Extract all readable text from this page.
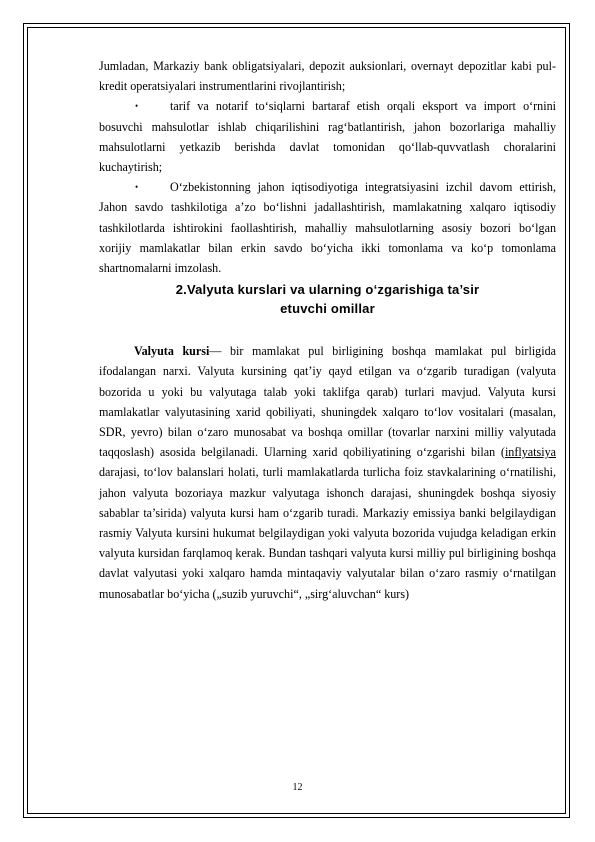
Jumladan, Markaziy bank obligatsiyalari, depozit auksionlari, overnayt depozitlar kabi pul-kredit operatsiyalari instrumentlarini rivojlantirish;

•	tarif va notarif to‘siqlarni bartaraf etish orqali eksport va import o‘rnini bosuvchi mahsulotlar ishlab chiqarilishini rag‘batlantirish, jahon bozorlariga mahalliy mahsulotlarni yetkazib berishda davlat tomonidan qo‘llab-quvvatlash choralarini kuchaytirish;

•	O‘zbekistonning jahon iqtisodiyotiga integratsiyasini izchil davom ettirish, Jahon savdo tashkilotiga a’zo bo‘lishni jadallashtirish, mamlakatning xalqaro iqtisodiy tashkilotlarda ishtirokini faollashtirish, mahalliy mahsulotlarning asosiy bozori bo‘lgan xorijiy mamlakatlar bilan erkin savdo bo‘yicha ikki tomonlama va ko‘p tomonlama shartnomalarni imzolash.

2.Valyuta kurslari va ularning o‘zgarishiga ta’sir etuvchi omillar

Valyuta kursi— bir mamlakat pul birligining boshqa mamlakat pul birligida ifodalangan narxi. Valyuta kursining qat’iy qayd etilgan va o‘zgarib turadigan (valyuta bozorida u yoki bu valyutaga talab yoki taklifga qarab) turlari mavjud. Valyuta kursi mamlakatlar valyutasining xarid qobiliyati, shuningdek xalqaro to‘lov vositalari (masalan, SDR, yevro) bilan o‘zaro munosabat va boshqa omillar (tovarlar narxini milliy valyutada taqqoslash) asosida belgilanadi. Ularning xarid qobiliyatining o‘zgarishi bilan (inflyatsiya darajasi, to‘lov balanslari holati, turli mamlakatlarda turlicha foiz stavkalarining o‘rnatilishi, jahon valyuta bozoriaya mazkur valyutaga ishonch darajasi, shuningdek boshqa siyosiy sabablar ta’sirida) valyuta kursi ham o‘zgarib turadi. Markaziy emissiya banki belgilaydigan rasmiy Valyuta kursini hukumat belgilaydigan yoki valyuta bozorida vujudga keladigan erkin valyuta kursidan farqlamoq kerak. Bundan tashqari valyuta kursi milliy pul birligining boshqa davlat valyutasi yoki xalqaro hamda mintaqaviy valyutalar bilan o‘zaro rasmiy o‘rnatilgan munosabatlar bo‘yicha („suzib yuruvchi“, „sirg‘aluvchan“ kurs)

12
